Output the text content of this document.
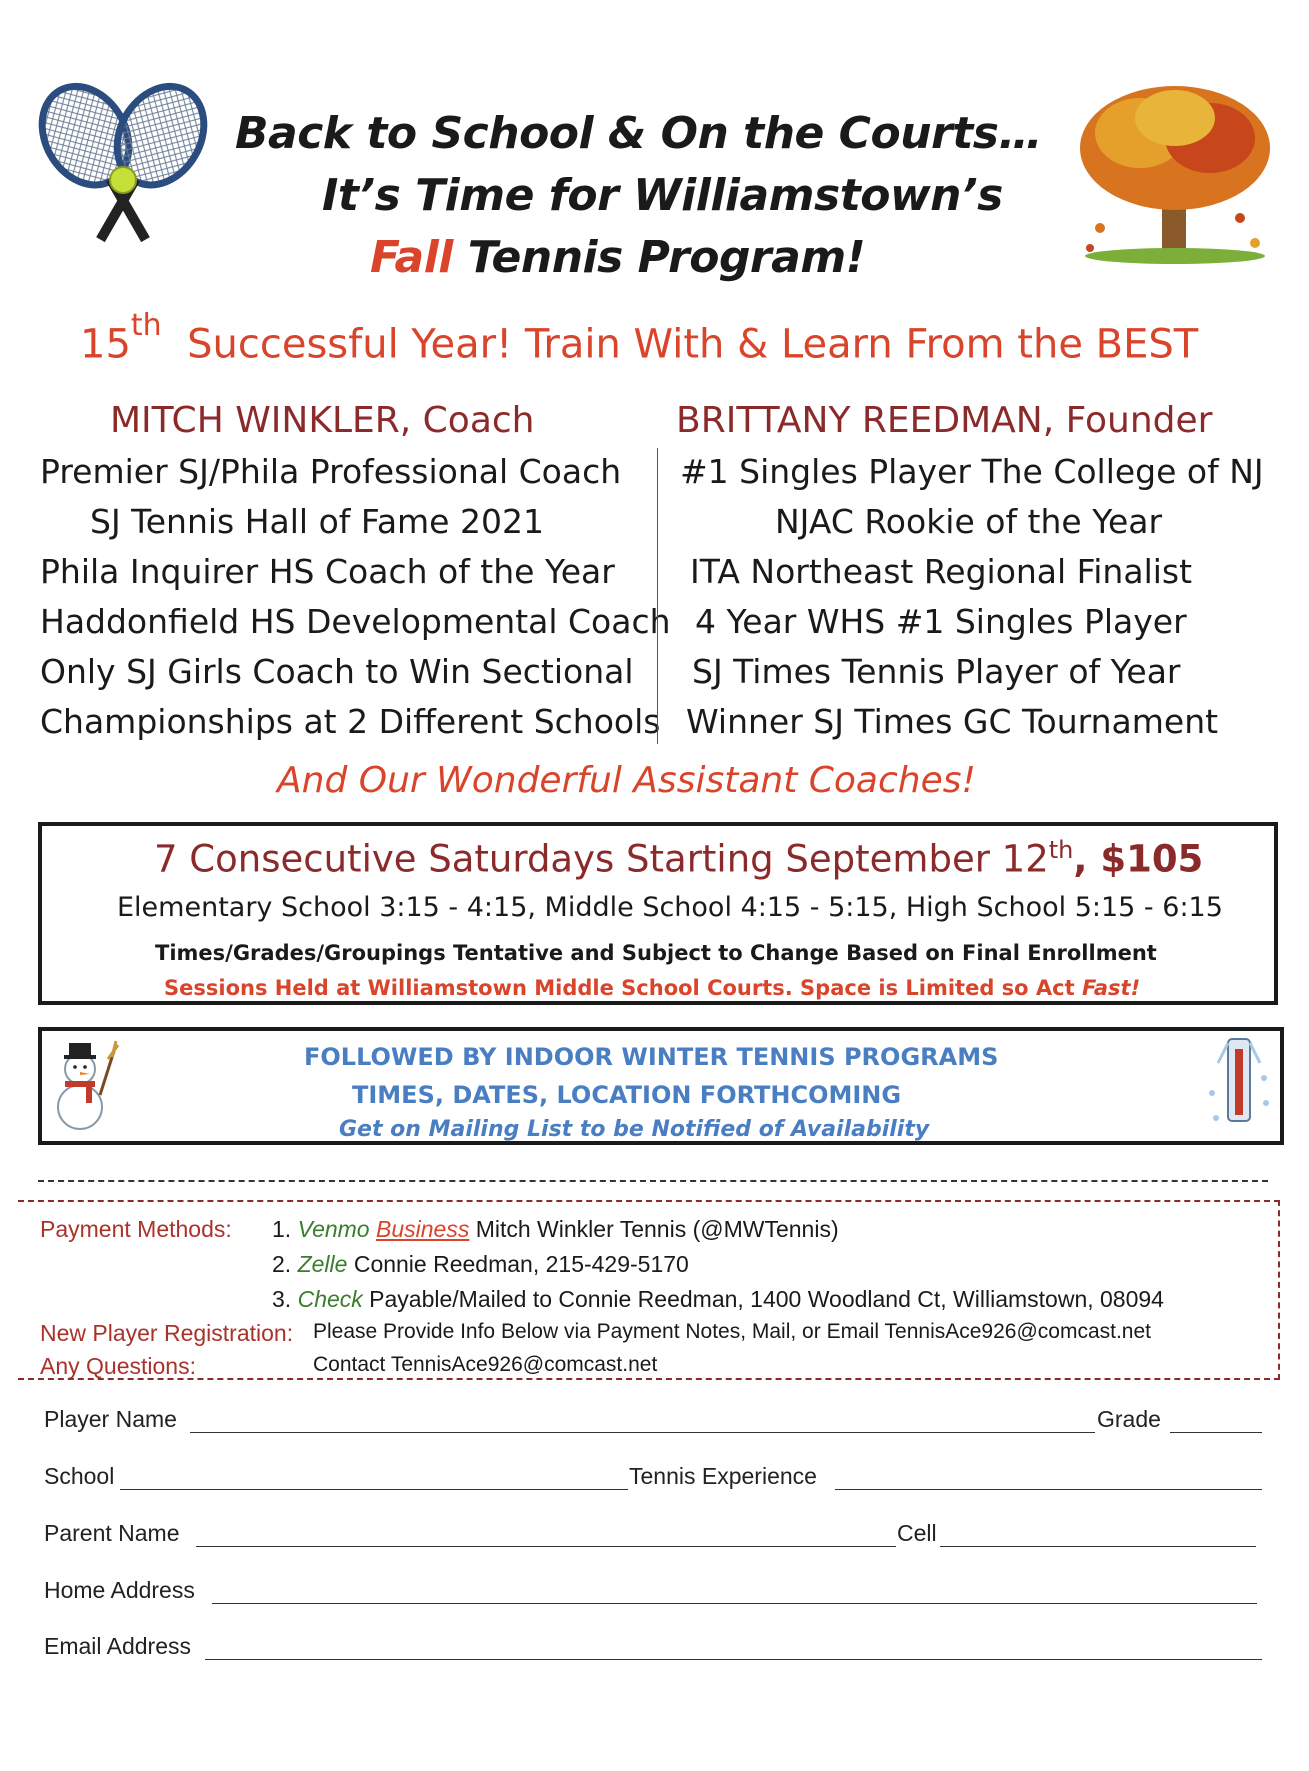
Back to School & On the Courts…
It’s Time for Williamstown’s
Fall Tennis Program!
15th Successful Year! Train With & Learn From the BEST
MITCH WINKLER, Coach
Premier SJ/Phila Professional Coach
SJ Tennis Hall of Fame 2021
Phila Inquirer HS Coach of the Year
Haddonfield HS Developmental Coach
Only SJ Girls Coach to Win Sectional
Championships at 2 Different Schools
BRITTANY REEDMAN, Founder
#1 Singles Player The College of NJ
NJAC Rookie of the Year
ITA Northeast Regional Finalist
4 Year WHS #1 Singles Player
SJ Times Tennis Player of Year
Winner SJ Times GC Tournament
And Our Wonderful Assistant Coaches!
7 Consecutive Saturdays Starting September 12th, $105
Elementary School 3:15 - 4:15, Middle School 4:15 - 5:15, High School 5:15 - 6:15
Times/Grades/Groupings Tentative and Subject to Change Based on Final Enrollment
Sessions Held at Williamstown Middle School Courts. Space is Limited so Act Fast!
FOLLOWED BY INDOOR WINTER TENNIS PROGRAMS
TIMES, DATES, LOCATION FORTHCOMING
Get on Mailing List to be Notified of Availability
Payment Methods: 1. Venmo Business Mitch Winkler Tennis (@MWTennis)
2. Zelle Connie Reedman, 215-429-5170
3. Check Payable/Mailed to Connie Reedman, 1400 Woodland Ct, Williamstown, 08094
New Player Registration: Please Provide Info Below via Payment Notes, Mail, or Email TennisAce926@comcast.net
Any Questions:	Contact TennisAce926@comcast.net
Player Name	Grade
School	Tennis Experience
Parent Name	Cell
Home Address
Email Address
